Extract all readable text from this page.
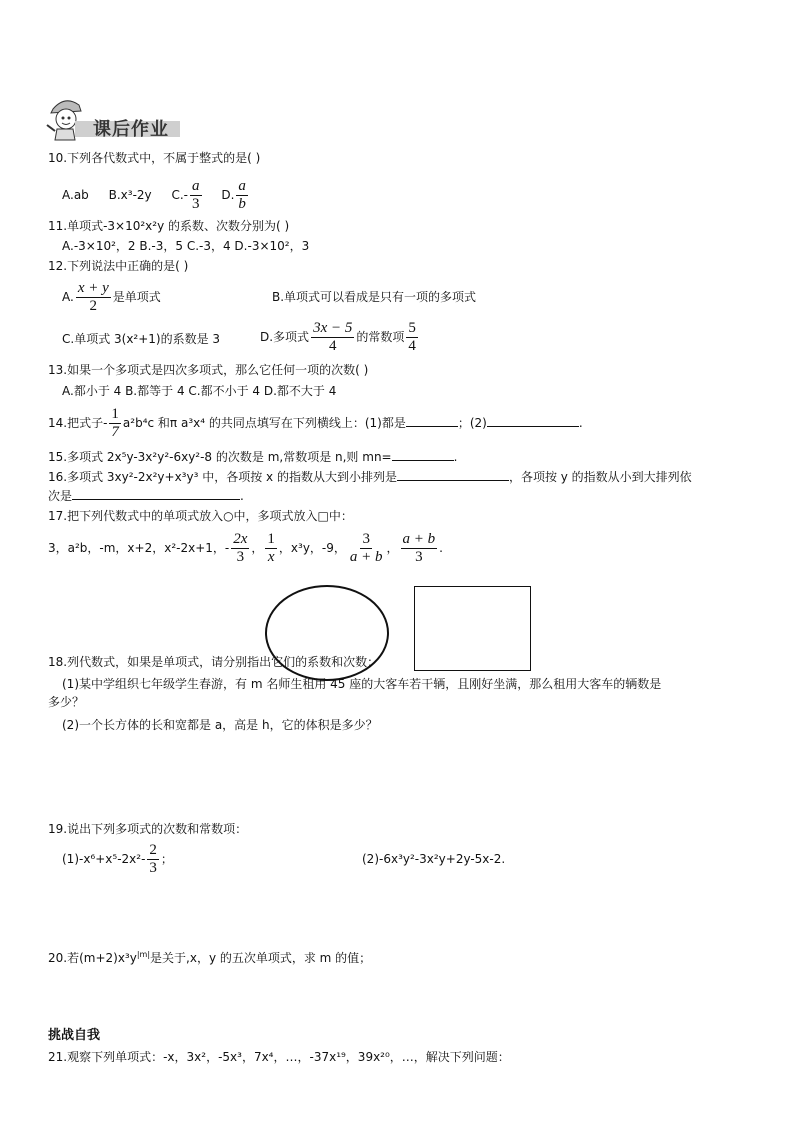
课后作业
10.下列各代数式中，不属于整式的是( )
A.ab B.x³-2y $C.- \frac{a}{3} D$. $\frac{a}{b}$
11.单项式-3×10²x²y 的系数、次数分别为( )
A.-3×10²，2 B.-3，5 C.-3，4 D.-3×10²，3
12.下列说法中正确的是( )
A. $\frac{x + y}{2}$ 是单项式	B.单项式可以看成是只有一项的多项式
C.单项式 3(x²+1)的系数是 3	D.多项式 $\frac{3x - 5}{4}$ 的常数项 $\frac{5}{4}$
13.如果一个多项式是四次多项式，那么它任何一项的次数( )
A.都小于 4 B.都等于 4 C.都不小于 4 D.都不大于 4
14.把式子- $\frac{1}{7} a^2b^4c$ 和π a³x⁴ 的共同点填写在下列横线上：(1)都是	；(2)	.
15.多项式 2x⁵y-3x²y²-6xy²-8 的次数是 m,常数项是 n,则 mn=	.
16.多项式 3xy²-2x²y+x³y³ 中，各项按 x 的指数从大到小排列是	，各项按 y 的指数从小到大排列依
次是	.
17.把下列代数式中的单项式放入○中，多项式放入□中：
3，a²b，-m，x+2，x²-2x+1，- $\frac{2x}{3}$ ， $\frac{1}{x}$ ，x³y，-9， $\frac{3}{a + b}$ ， $\frac{a + b}{3}$ .
18.列代数式，如果是单项式，请分别指出它们的系数和次数：
(1)某中学组织七年级学生春游，有 m 名师生租用 45 座的大客车若干辆，且刚好坐满，那么租用大客车的辆数是
多少？
(2)一个长方体的长和宽都是 a，高是 h，它的体积是多少？
19.说出下列多项式的次数和常数项：
$(1)-x^6+x^5-2x^2- \frac{2}{3}$ ；	(2)-6x³y²-3x²y+2y-5x-2.
20.若$(m+2)x^3y^{|m|}$是关于,x，y 的五次单项式，求 m 的值；
挑战自我
21.观察下列单项式：-x，3x²，-5x³，7x⁴，…，-37x¹⁹，39x²⁰，…，解决下列问题：
